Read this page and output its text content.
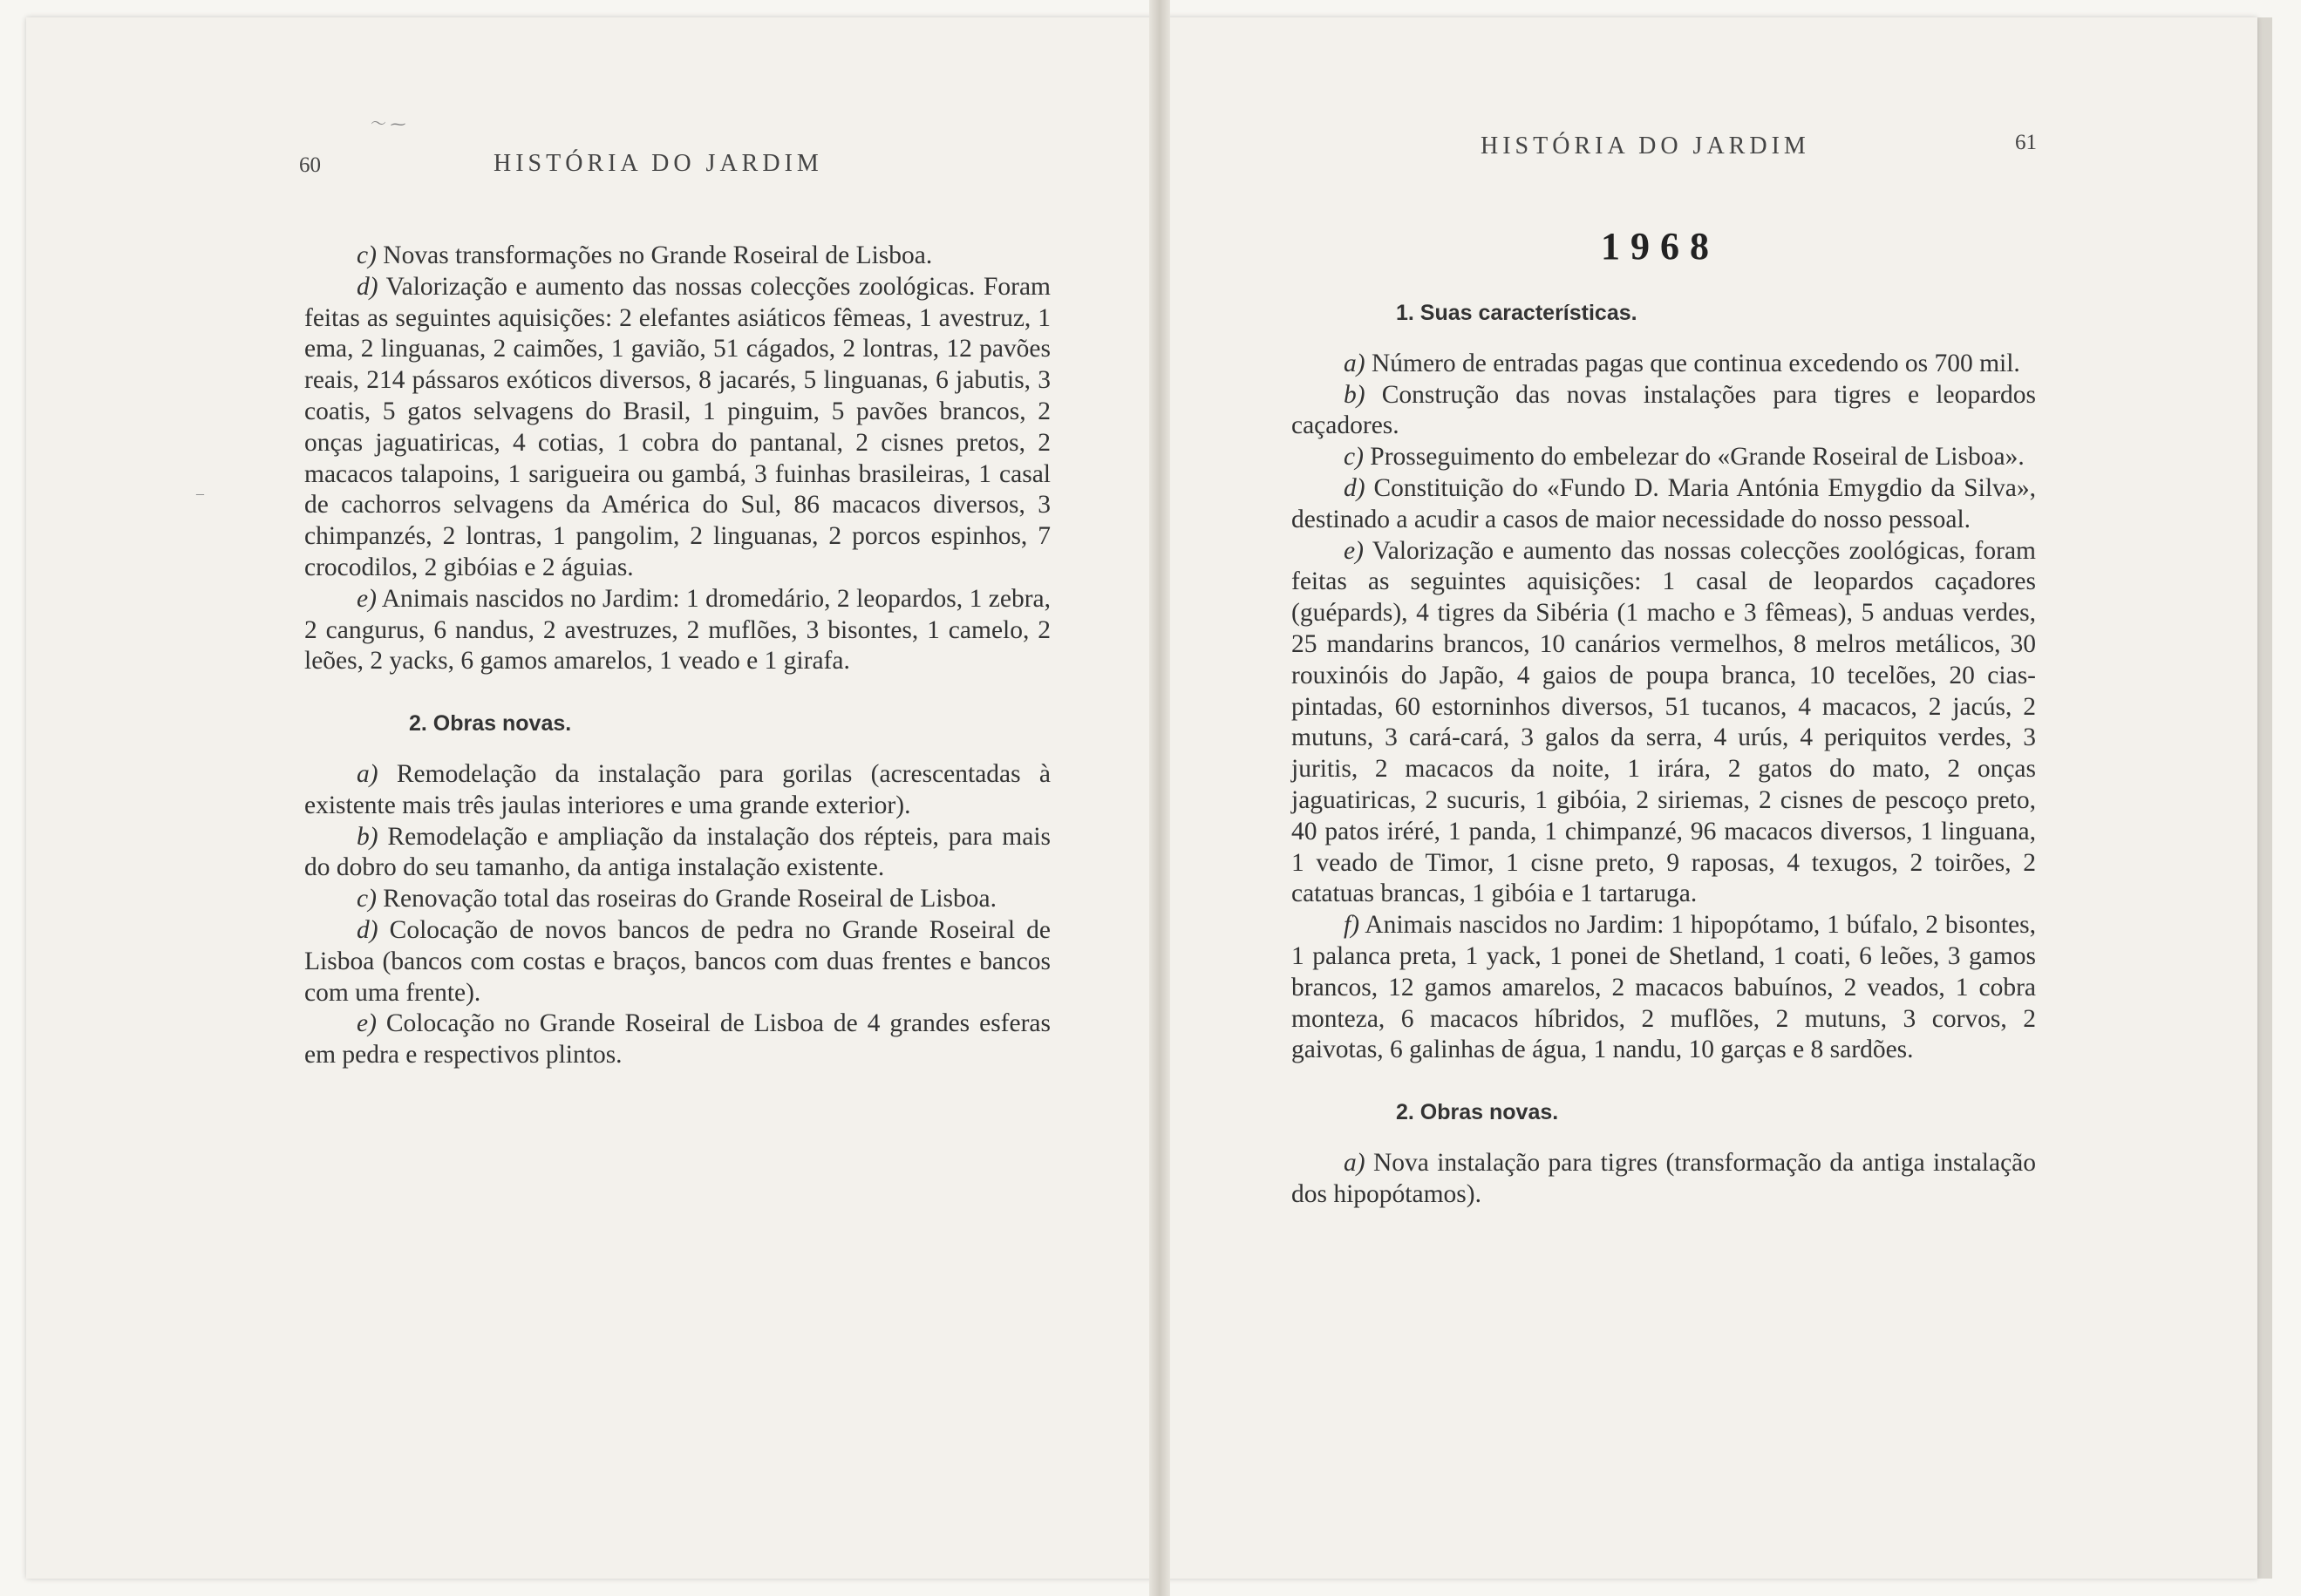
～ ⁓
–
60	HISTÓRIA DO JARDIM

c) Novas transformações no Grande Roseiral de Lisboa.

d) Valorização e aumento das nossas colecções zoológicas. Foram feitas as seguintes aquisições: 2 elefantes asiáticos fêmeas, 1 avestruz, 1 ema, 2 linguanas, 2 caimões, 1 gavião, 51 cágados, 2 lontras, 12 pavões reais, 214 pássaros exóticos diversos, 8 jacarés, 5 linguanas, 6 jabutis, 3 coatis, 5 gatos selvagens do Brasil, 1 pinguim, 5 pavões brancos, 2 onças jaguatiricas, 4 cotias, 1 cobra do pantanal, 2 cisnes pretos, 2 macacos talapoins, 1 sarigueira ou gambá, 3 fuinhas brasileiras, 1 casal de cachorros selvagens da América do Sul, 86 macacos diversos, 3 chimpanzés, 2 lontras, 1 pangolim, 2 linguanas, 2 porcos espinhos, 7 crocodilos, 2 gibóias e 2 águias.

e) Animais nascidos no Jardim: 1 dromedário, 2 leopardos, 1 zebra, 2 cangurus, 6 nandus, 2 avestruzes, 2 muflões, 3 bisontes, 1 camelo, 2 leões, 2 yacks, 6 gamos amarelos, 1 veado e 1 girafa.

2. Obras novas.

a) Remodelação da instalação para gorilas (acrescentadas à existente mais três jaulas interiores e uma grande exterior).

b) Remodelação e ampliação da instalação dos répteis, para mais do dobro do seu tamanho, da antiga instalação existente.

c) Renovação total das roseiras do Grande Roseiral de Lisboa.

d) Colocação de novos bancos de pedra no Grande Roseiral de Lisboa (bancos com costas e braços, bancos com duas frentes e bancos com uma frente).

e) Colocação no Grande Roseiral de Lisboa de 4 grandes esferas em pedra e respectivos plintos.

HISTÓRIA DO JARDIM	61
1968

1. Suas características.

a) Número de entradas pagas que continua excedendo os 700 mil.

b) Construção das novas instalações para tigres e leopardos caçadores.

c) Prosseguimento do embelezar do «Grande Roseiral de Lisboa».

d) Constituição do «Fundo D. Maria Antónia Emygdio da Silva», destinado a acudir a casos de maior necessidade do nosso pessoal.

e) Valorização e aumento das nossas colecções zoológicas, foram feitas as seguintes aquisições: 1 casal de leopardos caçadores (guépards), 4 tigres da Sibéria (1 macho e 3 fêmeas), 5 anduas verdes, 25 mandarins brancos, 10 canários vermelhos, 8 melros metálicos, 30 rouxinóis do Japão, 4 gaios de poupa branca, 10 tecelões, 20 cias-pintadas, 60 estorninhos diversos, 51 tucanos, 4 macacos, 2 jacús, 2 mutuns, 3 cará-cará, 3 galos da serra, 4 urús, 4 periquitos verdes, 3 juritis, 2 macacos da noite, 1 irára, 2 gatos do mato, 2 onças jaguatiricas, 2 sucuris, 1 gibóia, 2 siriemas, 2 cisnes de pescoço preto, 40 patos iréré, 1 panda, 1 chimpanzé, 96 macacos diversos, 1 linguana, 1 veado de Timor, 1 cisne preto, 9 raposas, 4 texugos, 2 toirões, 2 catatuas brancas, 1 gibóia e 1 tartaruga.

f) Animais nascidos no Jardim: 1 hipopótamo, 1 búfalo, 2 bisontes, 1 palanca preta, 1 yack, 1 ponei de Shetland, 1 coati, 6 leões, 3 gamos brancos, 12 gamos amarelos, 2 macacos babuínos, 2 veados, 1 cobra monteza, 6 macacos híbridos, 2 muflões, 2 mutuns, 3 corvos, 2 gaivotas, 6 galinhas de água, 1 nandu, 10 garças e 8 sardões.

2. Obras novas.

a) Nova instalação para tigres (transformação da antiga instalação dos hipopótamos).
